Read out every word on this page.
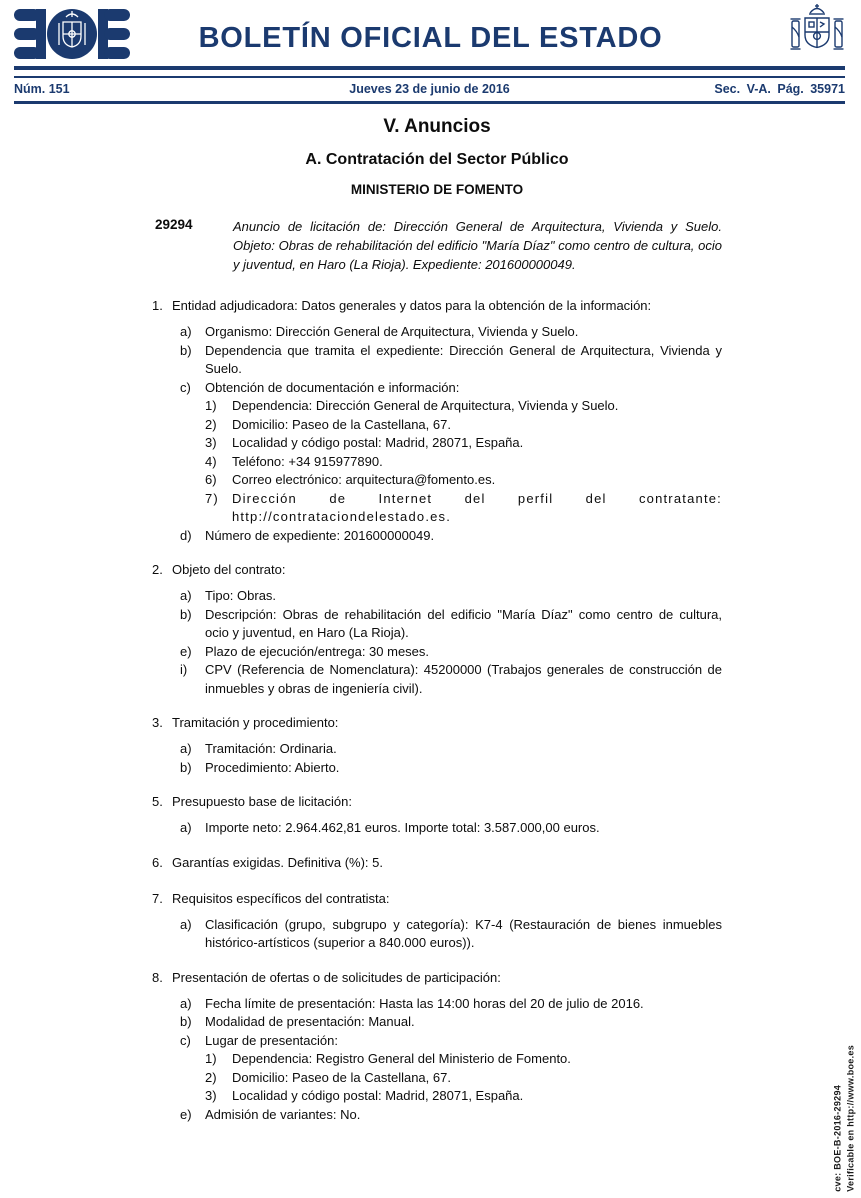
BOLETÍN OFICIAL DEL ESTADO
Núm. 151	Jueves 23 de junio de 2016	Sec. V-A. Pág. 35971
V. Anuncios
A. Contratación del Sector Público
MINISTERIO DE FOMENTO
29294	Anuncio de licitación de: Dirección General de Arquitectura, Vivienda y Suelo. Objeto: Obras de rehabilitación del edificio "María Díaz" como centro de cultura, ocio y juventud, en Haro (La Rioja). Expediente: 201600000049.
1. Entidad adjudicadora: Datos generales y datos para la obtención de la información:
a) Organismo: Dirección General de Arquitectura, Vivienda y Suelo.
b) Dependencia que tramita el expediente: Dirección General de Arquitectura, Vivienda y Suelo.
c) Obtención de documentación e información:
1) Dependencia: Dirección General de Arquitectura, Vivienda y Suelo.
2) Domicilio: Paseo de la Castellana, 67.
3) Localidad y código postal: Madrid, 28071, España.
4) Teléfono: +34 915977890.
6) Correo electrónico: arquitectura@fomento.es.
7) Dirección de Internet del perfil del contratante: http://contrataciondelestado.es.
d) Número de expediente: 201600000049.
2. Objeto del contrato:
a) Tipo: Obras.
b) Descripción: Obras de rehabilitación del edificio "María Díaz" como centro de cultura, ocio y juventud, en Haro (La Rioja).
e) Plazo de ejecución/entrega: 30 meses.
i) CPV (Referencia de Nomenclatura): 45200000 (Trabajos generales de construcción de inmuebles y obras de ingeniería civil).
3. Tramitación y procedimiento:
a) Tramitación: Ordinaria.
b) Procedimiento: Abierto.
5. Presupuesto base de licitación:
a) Importe neto: 2.964.462,81 euros. Importe total: 3.587.000,00 euros.
6. Garantías exigidas. Definitiva (%): 5.
7. Requisitos específicos del contratista:
a) Clasificación (grupo, subgrupo y categoría): K7-4 (Restauración de bienes inmuebles histórico-artísticos (superior a 840.000 euros)).
8. Presentación de ofertas o de solicitudes de participación:
a) Fecha límite de presentación: Hasta las 14:00 horas del 20 de julio de 2016.
b) Modalidad de presentación: Manual.
c) Lugar de presentación:
1) Dependencia: Registro General del Ministerio de Fomento.
2) Domicilio: Paseo de la Castellana, 67.
3) Localidad y código postal: Madrid, 28071, España.
e) Admisión de variantes: No.	cve: BOE-B-2016-29294 Verificable en http://www.boe.es
